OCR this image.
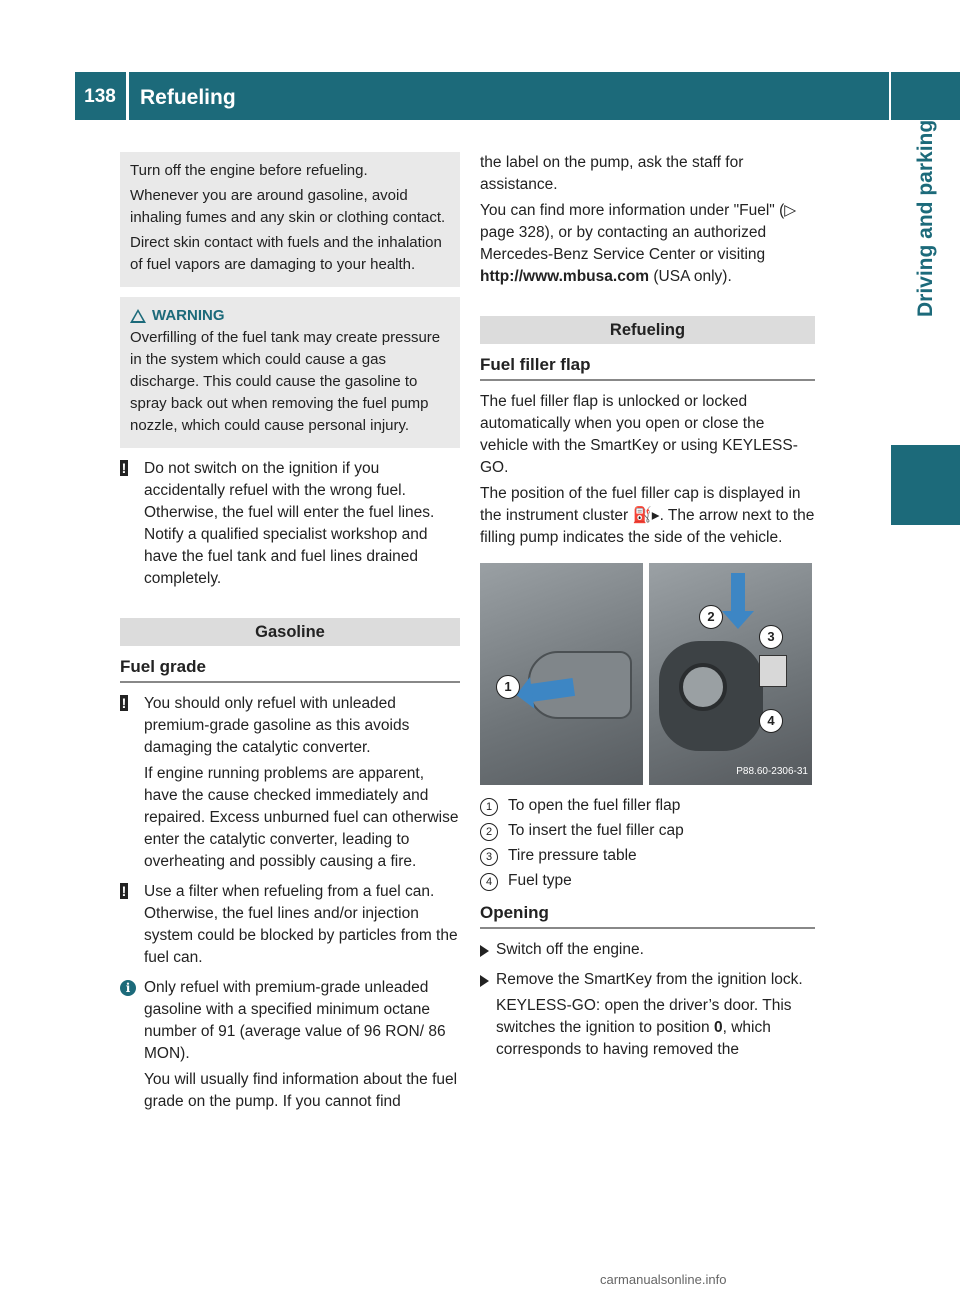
138	Refueling
Driving and parking

Turn off the engine before refueling.

Whenever you are around gasoline, avoid inhaling fumes and any skin or clothing contact.

Direct skin contact with fuels and the inhalation of fuel vapors are damaging to your health.

WARNING

Overfilling of the fuel tank may create pressure in the system which could cause a gas discharge. This could cause the gasoline to spray back out when removing the fuel pump nozzle, which could cause personal injury.

!	Do not switch on the ignition if you accidentally refuel with the wrong fuel. Otherwise, the fuel will enter the fuel lines. Notify a qualified specialist workshop and have the fuel tank and fuel lines drained completely.
Gasoline
Fuel grade
!	You should only refuel with unleaded premium-grade gasoline as this avoids damaging the catalytic converter.

If engine running problems are apparent, have the cause checked immediately and repaired. Excess unburned fuel can otherwise enter the catalytic converter, leading to overheating and possibly causing a fire.

!	Use a filter when refueling from a fuel can. Otherwise, the fuel lines and/or injection system could be blocked by particles from the fuel can.
i Only refuel with premium-grade unleaded gasoline with a specified minimum octane number of 91 (average value of 96 RON/ 86 MON).

You will usually find information about the fuel grade on the pump. If you cannot find

the label on the pump, ask the staff for assistance.

You can find more information under "Fuel" (▷ page 328), or by contacting an authorized Mercedes-Benz Service Center or visiting http://www.mbusa.com (USA only).

Refueling
Fuel filler flap

The fuel filler flap is unlocked or locked automatically when you open or close the vehicle with the SmartKey or using KEYLESS-GO.

The position of the fuel filler cap is displayed in the instrument cluster ⛽▸. The arrow next to the filling pump indicates the side of the vehicle.

1
2
3
4
P88.60-2306-31
1	To open the fuel filler flap
2	To insert the fuel filler cap
3	Tire pressure table
4	Fuel type
Opening
Switch off the engine.

Remove the SmartKey from the ignition lock.

KEYLESS-GO: open the driver’s door. This switches the ignition to position 0, which corresponds to having removed the

carmanualsonline.info
